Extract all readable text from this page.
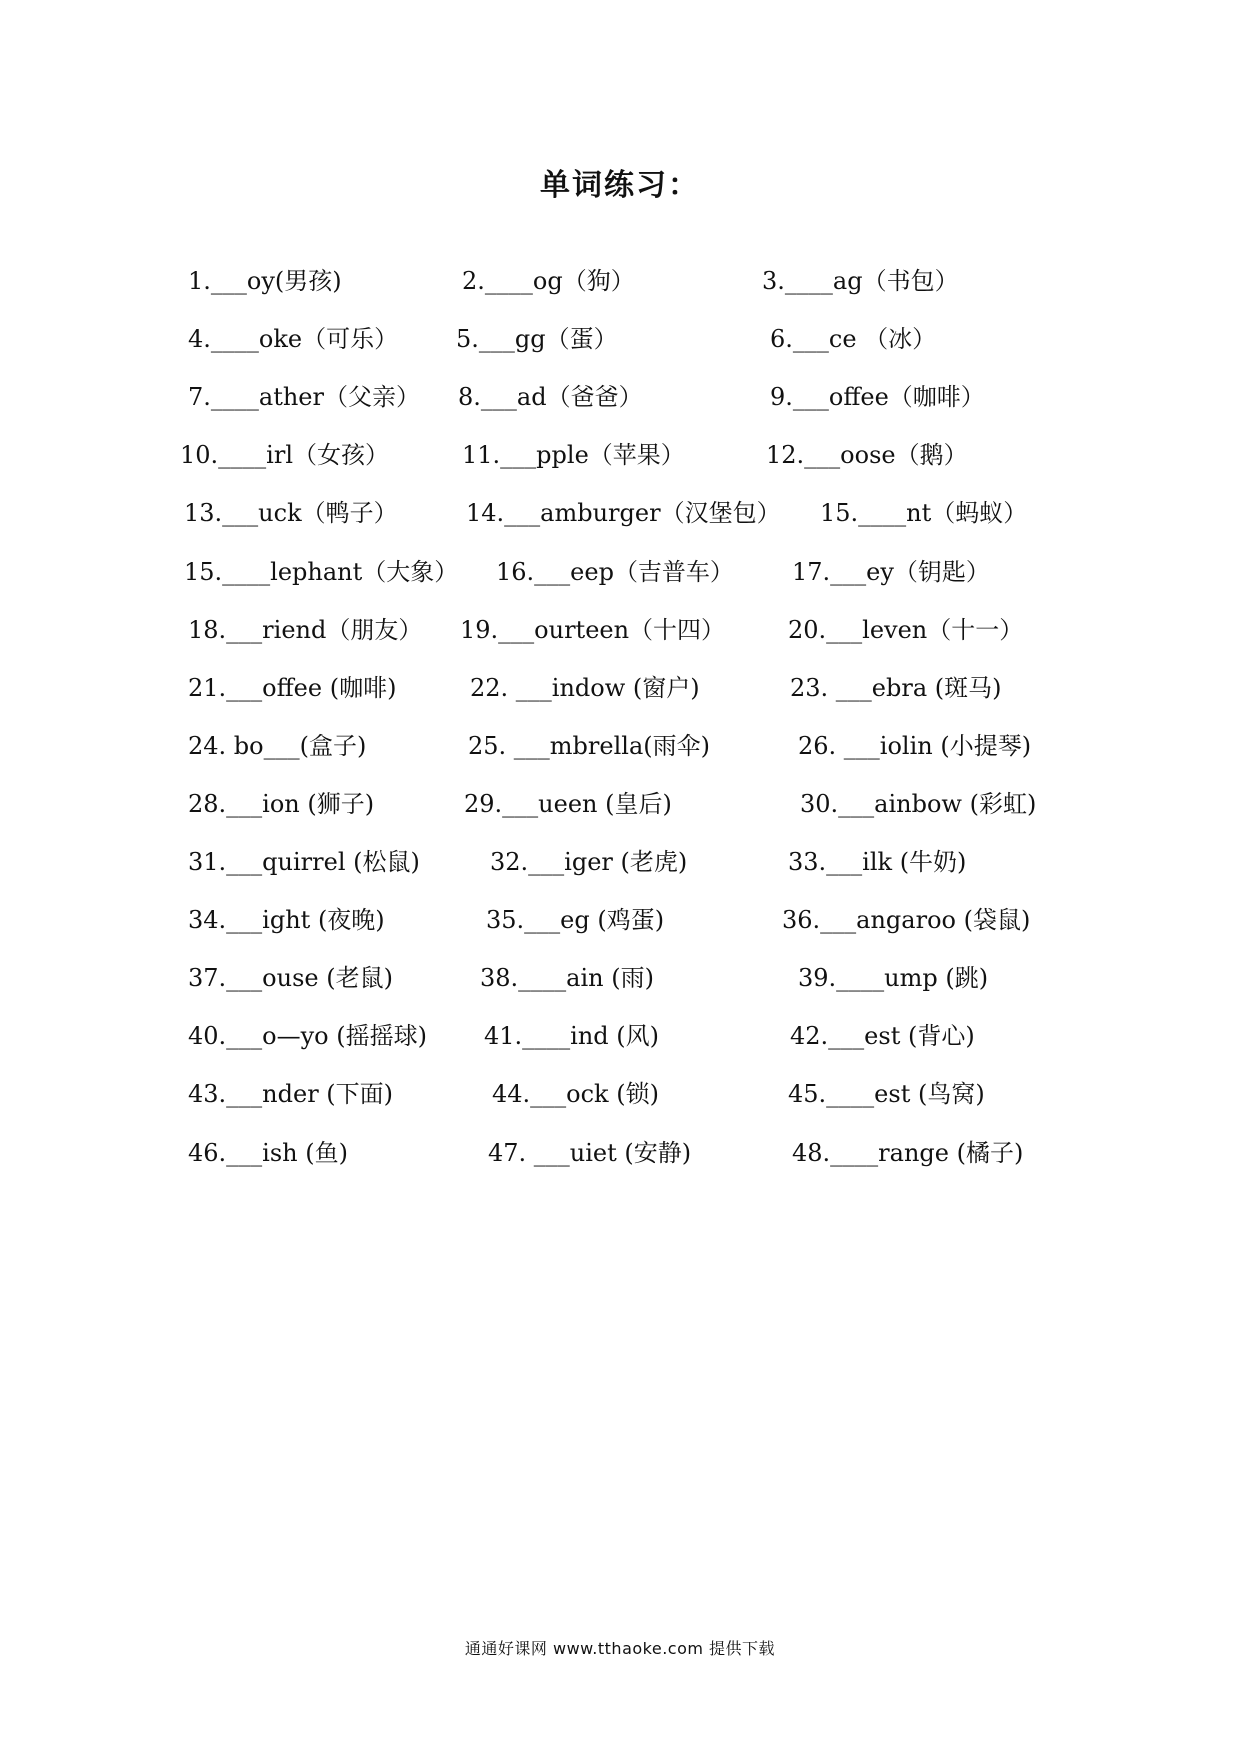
单词练习：
1.___oy(男孩)	2.____og（狗）	3.____ag（书包）
4.____oke（可乐） 5.___gg（蛋）	6.___ce （冰）
7.____ather（父亲） 8.___ad（爸爸）	9.___offee（咖啡）
10.____irl（女孩）	11.___pple（苹果）	12.___oose（鹅）
13.___uck（鸭子）	14.___amburger（汉堡包） 15.____nt（蚂蚁）
15.____lephant（大象） 16.___eep（吉普车） 17.___ey（钥匙）
18.___riend（朋友） 19.___ourteen（十四）	20.___leven（十一）
21.___offee (咖啡)	22. ___indow (窗户)	23. ___ebra (斑马)
24. bo___(盒子)	25. ___mbrella(雨伞)	26. ___iolin (小提琴)
28.___ion (狮子)	29.___ueen (皇后)	30.___ainbow (彩虹)
31.___quirrel (松鼠)	32.___iger (老虎)	33.___ilk (牛奶)
34.___ight (夜晚)	35.___eg (鸡蛋)	36.___angaroo (袋鼠)
37.___ouse (老鼠)	38.____ain (雨)	39.____ump (跳)
40.___o—yo (摇摇球) 41.____ind (风)	42.___est (背心)
43.___nder (下面)	44.___ock (锁)	45.____est (鸟窝)
46.___ish (鱼)	47. ___uiet (安静)	48.____range (橘子)
通通好课网 www.tthaoke.com 提供下载
